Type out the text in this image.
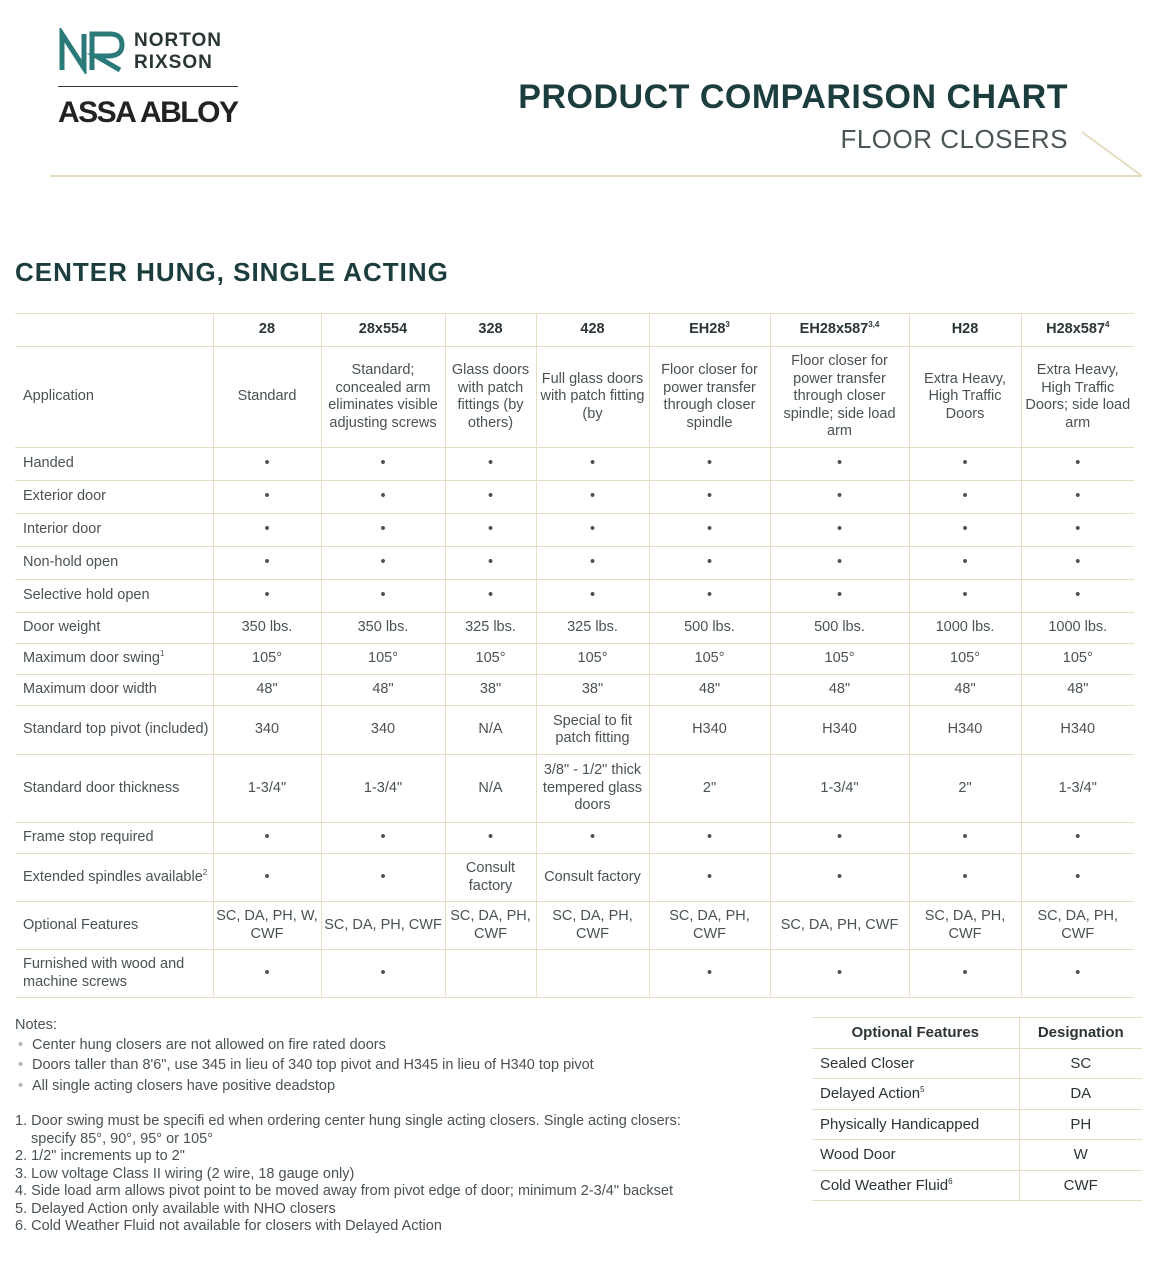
NORTON
RIXSON
ASSA ABLOY	PRODUCT COMPARISON CHART
FLOOR CLOSERS
CENTER HUNG, SINGLE ACTING
	28	28x554	328	428	$EH28^3$	EH28x587$^{3,4}$	H28	$H28x587^4$
Application	Standard	Standard; concealed arm eliminates visible adjusting screws	Glass doors with patch fittings (by others)	Full glass doors with patch fitting (by	Floor closer for power transfer through closer spindle	Floor closer for power transfer through closer spindle; side load arm	Extra Heavy, High Traffic Doors	Extra Heavy, High Traffic Doors; side load arm
Handed	•	•	•	•	•	•	•	•
Exterior door	•	•	•	•	•	•	•	•
Interior door	•	•	•	•	•	•	•	•
Non-hold open	•	•	•	•	•	•	•	•
Selective hold open	•	•	•	•	•	•	•	•
Door weight	350 lbs.	350 lbs.	325 lbs.	325 lbs.	500 lbs.	500 lbs.	1000 lbs.	1000 lbs.
Maximum door swing$^1$	105°	105°	105°	105°	105°	105°	105°	105°
Maximum door width	48"	48"	38"	38"	48"	48"	48"	48"
Standard top pivot (included)	340	340	N/A	Special to fit patch fitting	H340	H340	H340	H340
Standard door thickness	1-3/4"	1-3/4"	N/A	3/8" - 1/2" thick tempered glass doors	2"	1-3/4"	2"	1-3/4"
Frame stop required	•	•	•	•	•	•	•	•
Extended spindles available$^2$	•	•	Consult factory	Consult factory	•	•	•	•
Optional Features	SC, DA, PH, W, CWF	SC, DA, PH, CWF	SC, DA, PH, CWF	SC, DA, PH, CWF	SC, DA, PH, CWF	SC, DA, PH, CWF	SC, DA, PH, CWF	SC, DA, PH, CWF
Furnished with wood and machine screws	•	•			•	•	•	•
Notes:
• Center hung closers are not allowed on fire rated doors
• Doors taller than 8'6", use 345 in lieu of 340 top pivot and H345 in lieu of H340 top pivot
• All single acting closers have positive deadstop
1. Door swing must be specifi ed when ordering center hung single acting closers. Single acting closers: specify 85°, 90°, 95° or 105°
2. 1/2" increments up to 2"
3. Low voltage Class II wiring (2 wire, 18 gauge only)
4. Side load arm allows pivot point to be moved away from pivot edge of door; minimum 2-3/4" backset
5. Delayed Action only available with NHO closers
6. Cold Weather Fluid not available for closers with Delayed Action
Optional Features	Designation
Sealed Closer	SC
Delayed Action$^5$	DA
Physically Handicapped	PH
Wood Door	W
Cold Weather Fluid$^6$	CWF
